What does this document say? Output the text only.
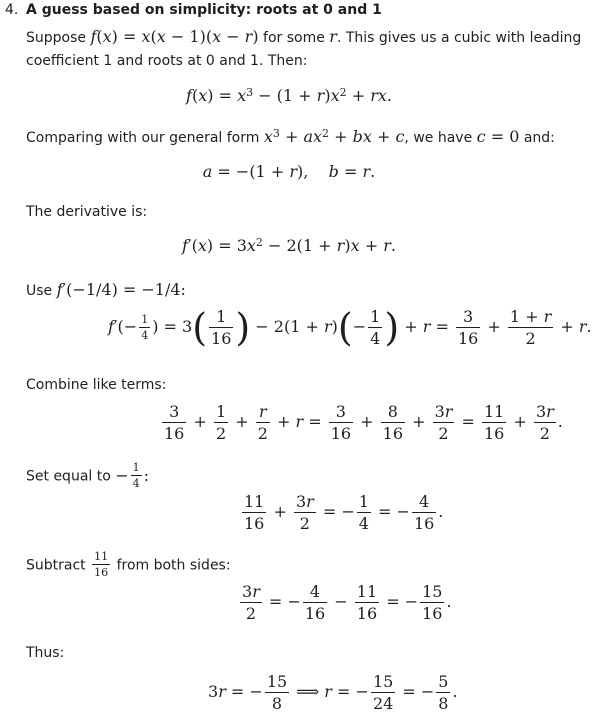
4. A guess based on simplicity: roots at 0 and 1
Suppose f(x) = x(x − 1)(x − r) for some r. This gives us a cubic with leading
coefficient 1 and roots at 0 and 1. Then:
$f(x) = x^3 - (1 + r)x^2$ + rx.
Comparing with our general form $x^3 + ax^2$ + bx + c, we have c = 0 and:
a = −(1 + r),    b = r.
The derivative is:
$f'(x) = 3x^2 - 2(1 + r)x + r$.
Use f′(−1/4) = −1/4:
$f'(- \frac{1}{4}$ ) = $3( \frac{1}{16}$ ) − $2(1 + r)(- \frac{1}{4}$ ) + $r = \frac{3}{16} + \frac{1 + r}{2} + r$.
Combine like terms:
$\frac{3}{16} + \frac{1}{2} + \frac{r}{2} + r = \frac{3}{16} + \frac{8}{16} + \frac{3r}{2} = \frac{11}{16} + \frac{3r}{2}$ .
Set equal to − $\frac{1}{4}$ :
$\frac{11}{16} + \frac{3r}{2}$ = − $\frac{1}{4}$ = − $\frac{4}{16}$ .
Subtract $\frac{11}{16}$ from both sides:
$\frac{3r}{2}$ = − $\frac{4}{16} - \frac{11}{16}$ = − $\frac{15}{16}$ .
Thus:
3r = − $\frac{15}{8}$ ⟹ r = − $\frac{15}{24}$ = − $\frac{5}{8}$ .
